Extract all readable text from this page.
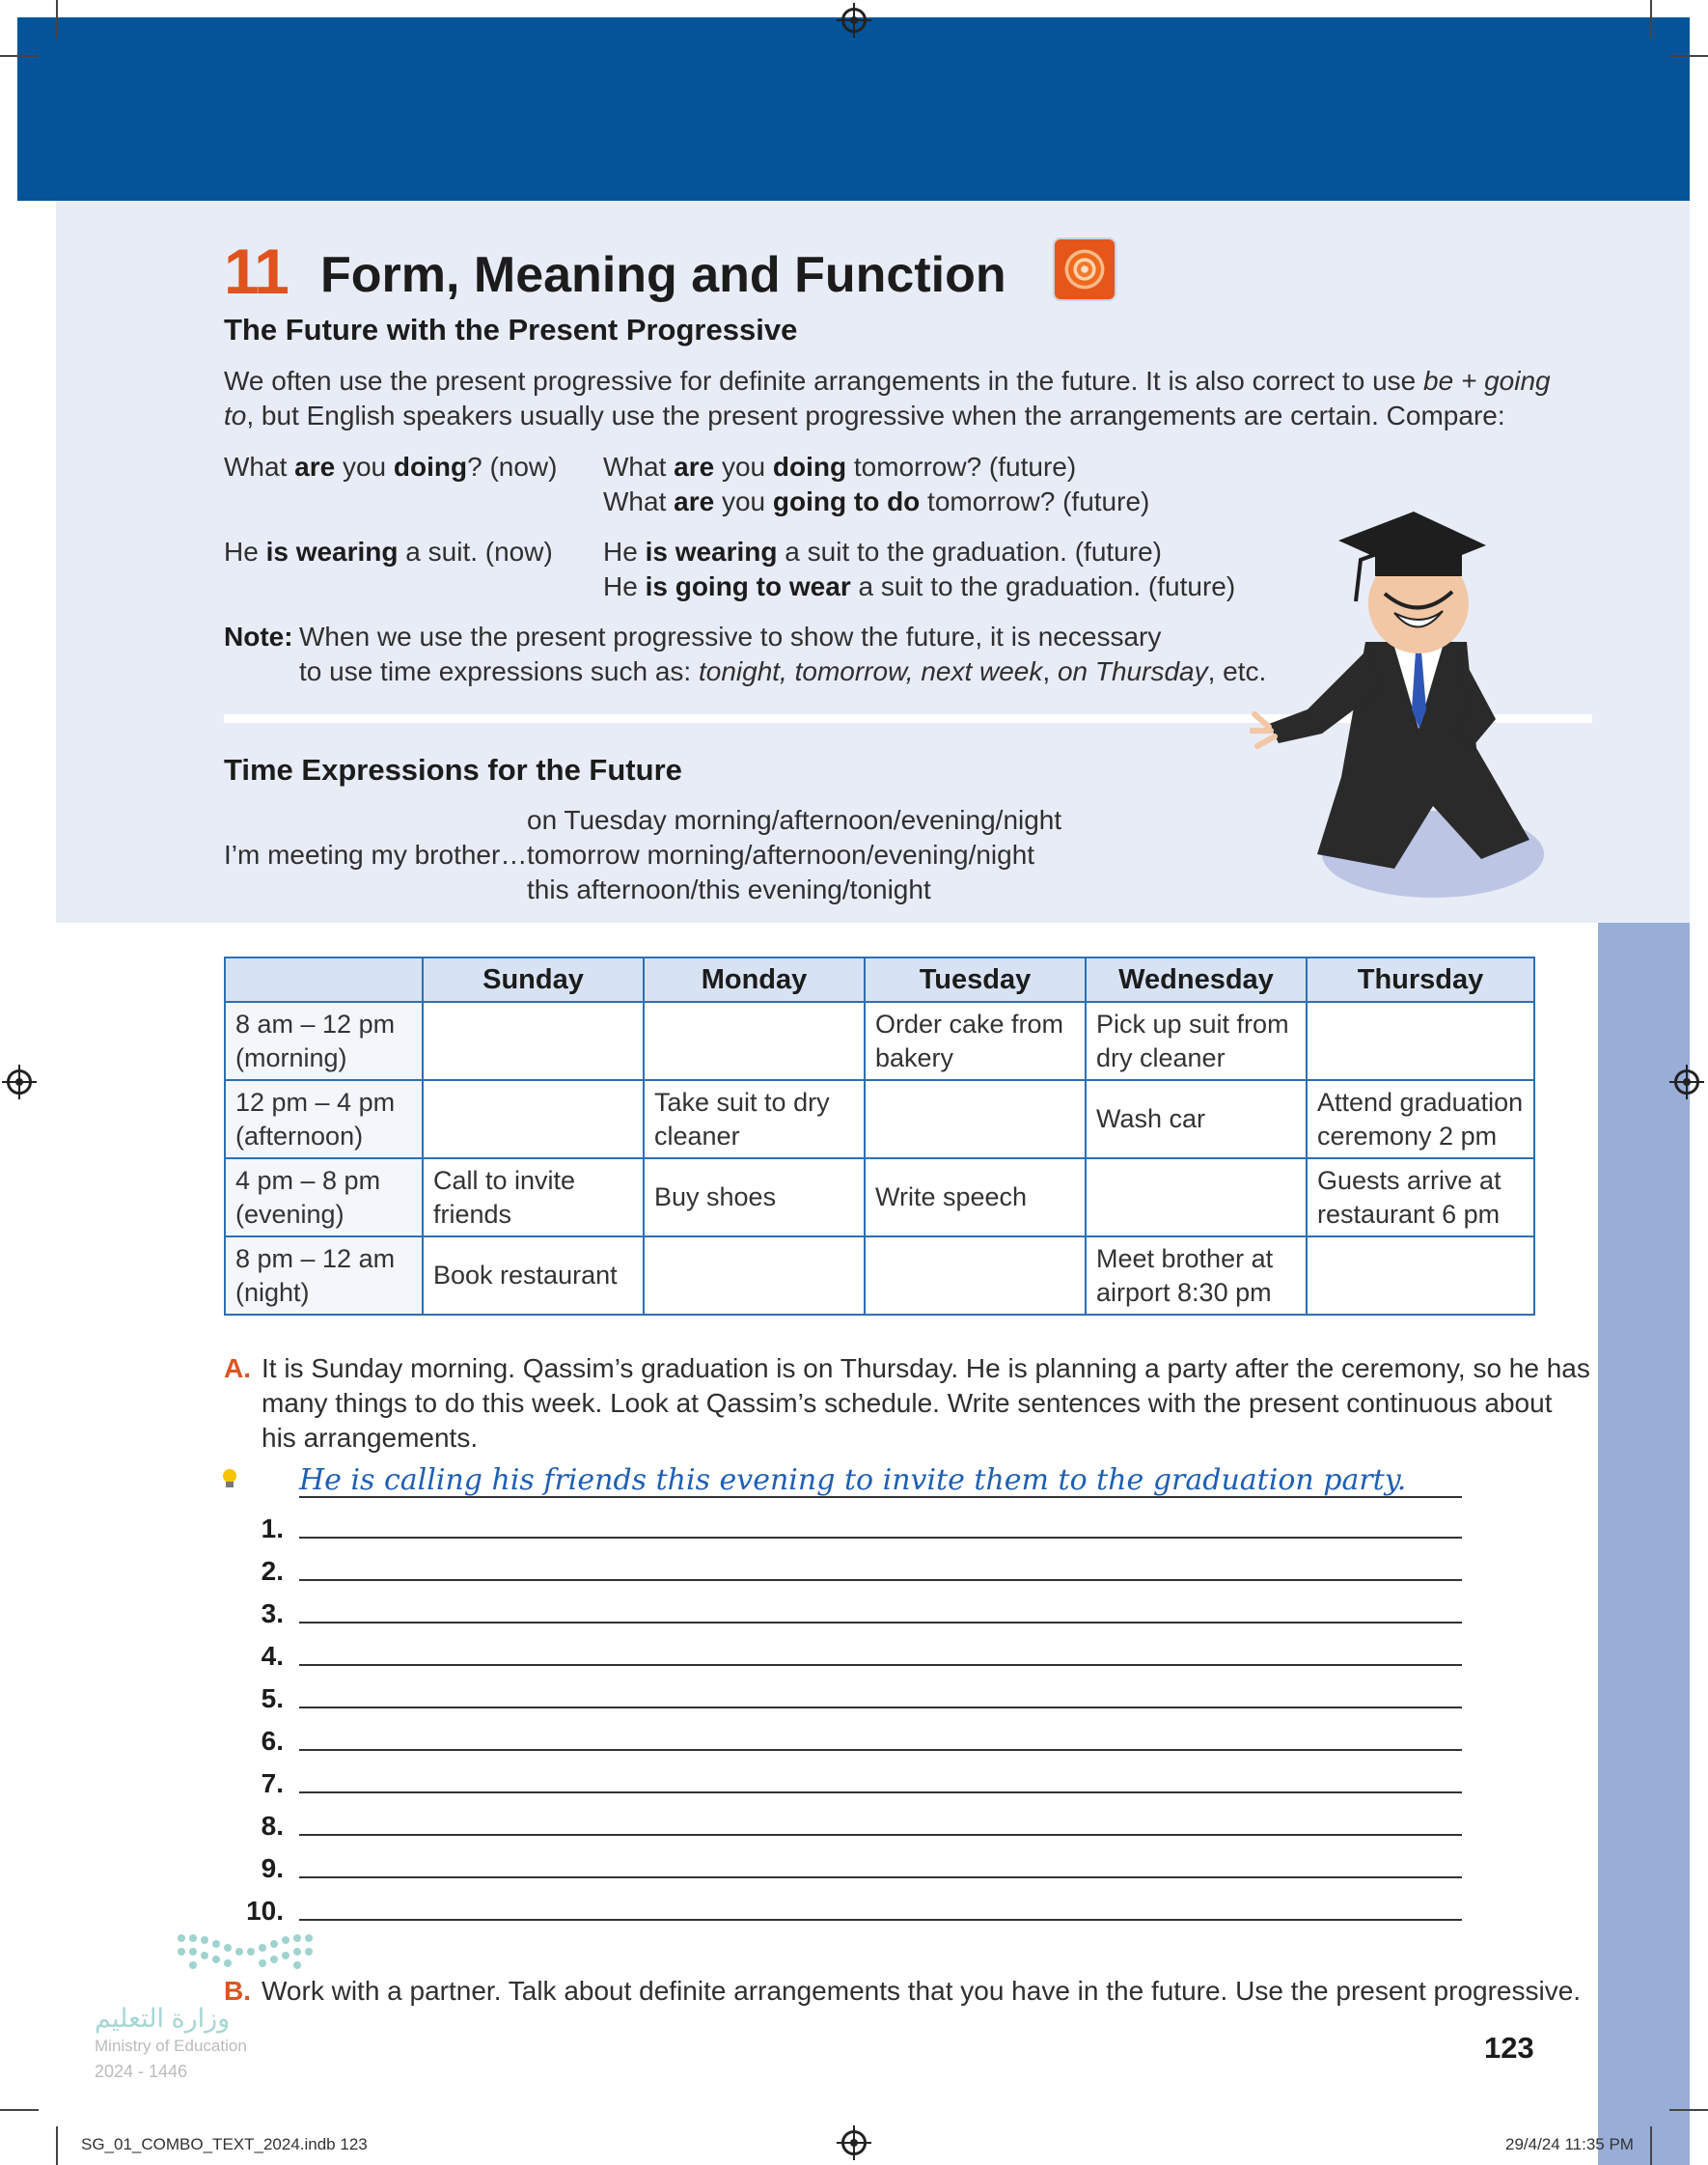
11 Form, Meaning and Function
The Future with the Present Progressive
We often use the present progressive for definite arrangements in the future. It is also correct to use be + going
to, but English speakers usually use the present progressive when the arrangements are certain. Compare:
What are you doing? (now) What are you doing tomorrow? (future)
What are you going to do tomorrow? (future)
He is wearing a suit. (now) He is wearing a suit to the graduation. (future)
He is going to wear a suit to the graduation. (future)
Note: When we use the present progressive to show the future, it is necessary
to use time expressions such as: tonight, tomorrow, next week, on Thursday, etc.
Time Expressions for the Future
I’m meeting my brother…
on Tuesday morning/afternoon/evening/night
tomorrow morning/afternoon/evening/night
this afternoon/this evening/tonight
	Sunday	Monday	Tuesday	Wednesday	Thursday
8 am – 12 pm (morning)			Order cake from bakery	Pick up suit from dry cleaner	
12 pm – 4 pm (afternoon)		Take suit to dry cleaner		Wash car	Attend graduation ceremony 2 pm
4 pm – 8 pm (evening)	Call to invite friends	Buy shoes	Write speech		Guests arrive at restaurant 6 pm
8 pm – 12 am (night)	Book restaurant			Meet brother at airport 8:30 pm	
A. It is Sunday morning. Qassim’s graduation is on Thursday. He is planning a party after the ceremony, so he has
many things to do this week. Look at Qassim’s schedule. Write sentences with the present continuous about
his arrangements.
He is calling his friends this evening to invite them to the graduation party.
1.
2.
3.
4.
5.
6.
7.
8.
9.
10.
B. Work with a partner. Talk about definite arrangements that you have in the future. Use the present progressive.
وزارة التعليم
Ministry of Education
2024 - 1446
123
SG_01_COMBO_TEXT_2024.indb 123	29/4/24 11:35 PM
